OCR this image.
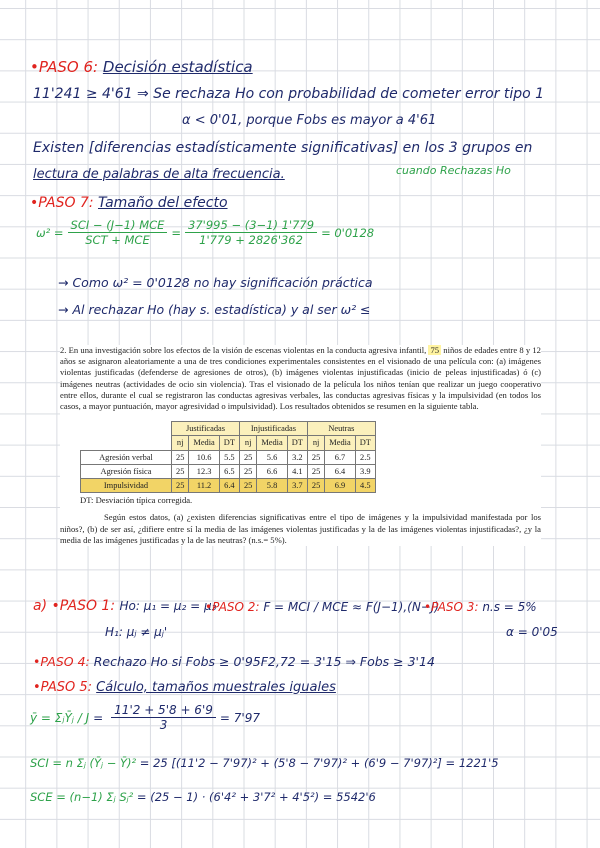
•PASO 6: Decisión estadística
11'241 ≥ 4'61 ⇒ Se rechaza Ho con probabilidad de cometer error tipo 1
α < 0'01, porque Fobs es mayor a 4'61
Existen [diferencias estadísticamente significativas] en los 3 grupos en
lectura de palabras de alta frecuencia.	cuando Rechazas Ho
•PASO 7: Tamaño del efecto
$\omega^2 = \frac{\text{SCI − (J−1) MCE}}{\text{SCT + MCE}} = \frac{37'995 - (3-1) 1'779}{1'779 + 2826'362} = 0'0128$
→ Como ω² = 0'0128 no hay significación práctica
→ Al rechazar Ho (hay s. estadística) y al ser ω² ≤

2. En una investigación sobre los efectos de la visión de escenas violentas en la conducta agresiva infantil, 75 niños de edades entre 8 y 12 años se asignaron aleatoriamente a una de tres condiciones experimentales consistentes en el visionado de una película con: (a) imágenes violentas justificadas (defenderse de agresiones de otros), (b) imágenes violentas injustificadas (inicio de peleas injustificadas) ó (c) imágenes neutras (actividades de ocio sin violencia). Tras el visionado de la película los niños tenían que realizar un juego cooperativo entre ellos, durante el cual se registraron las conductas agresivas verbales, las conductas agresivas físicas y la impulsividad (en todos los casos, a mayor puntuación, mayor agresividad o impulsividad). Los resultados obtenidos se resumen en la siguiente tabla.

	Justificadas			Injustificadas			Neutras		
	nj	Media	DT	nj	Media	DT	nj	Media	DT
Agresión verbal	25	10.6	5.5	25	5.6	3.2	25	6.7	2.5
Agresión física	25	12.3	6.5	25	6.6	4.1	25	6.4	3.9
Impulsividad	25	11.2	6.4	25	5.8	3.7	25	6.9	4.5
DT: Desviación típica corregida.

Según estos datos, (a) ¿existen diferencias significativas entre el tipo de imágenes y la impulsividad manifestada por los niños?, (b) de ser así, ¿difiere entre sí la media de las imágenes violentas justificadas y la de las imágenes violentas injustificadas?, ¿y la media de las imágenes justificadas y la de las neutras? (n.s.= 5%).

a) •PASO 1: Ho: μ₁ = μ₂ = μ₃
H₁: μⱼ ≠ μⱼ'
•PASO 2: F = MCI / MCE ≈ F(J−1),(N−J)
•PASO 3: n.s = 5%
α = 0'05
•PASO 4: Rechazo Ho si Fobs ≥ 0'95F2,72 = 3'15 ⇒ Fobs ≥ 3'14
•PASO 5: Cálculo, tamaños muestrales iguales
ȳ = ΣⱼȲⱼ / $J = \frac{11'2 + 5'8 + 6'9}{3} = 7'97$
SCI = n Σⱼ (Ȳⱼ − Ȳ)² = 25 [(11'2 − 7'97)² + (5'8 − 7'97)² + (6'9 − 7'97)²] = 1221'5
SCE = (n−1) Σⱼ Sⱼ² = (25 − 1) · (6'4² + 3'7² + 4'5²) = 5542'6
